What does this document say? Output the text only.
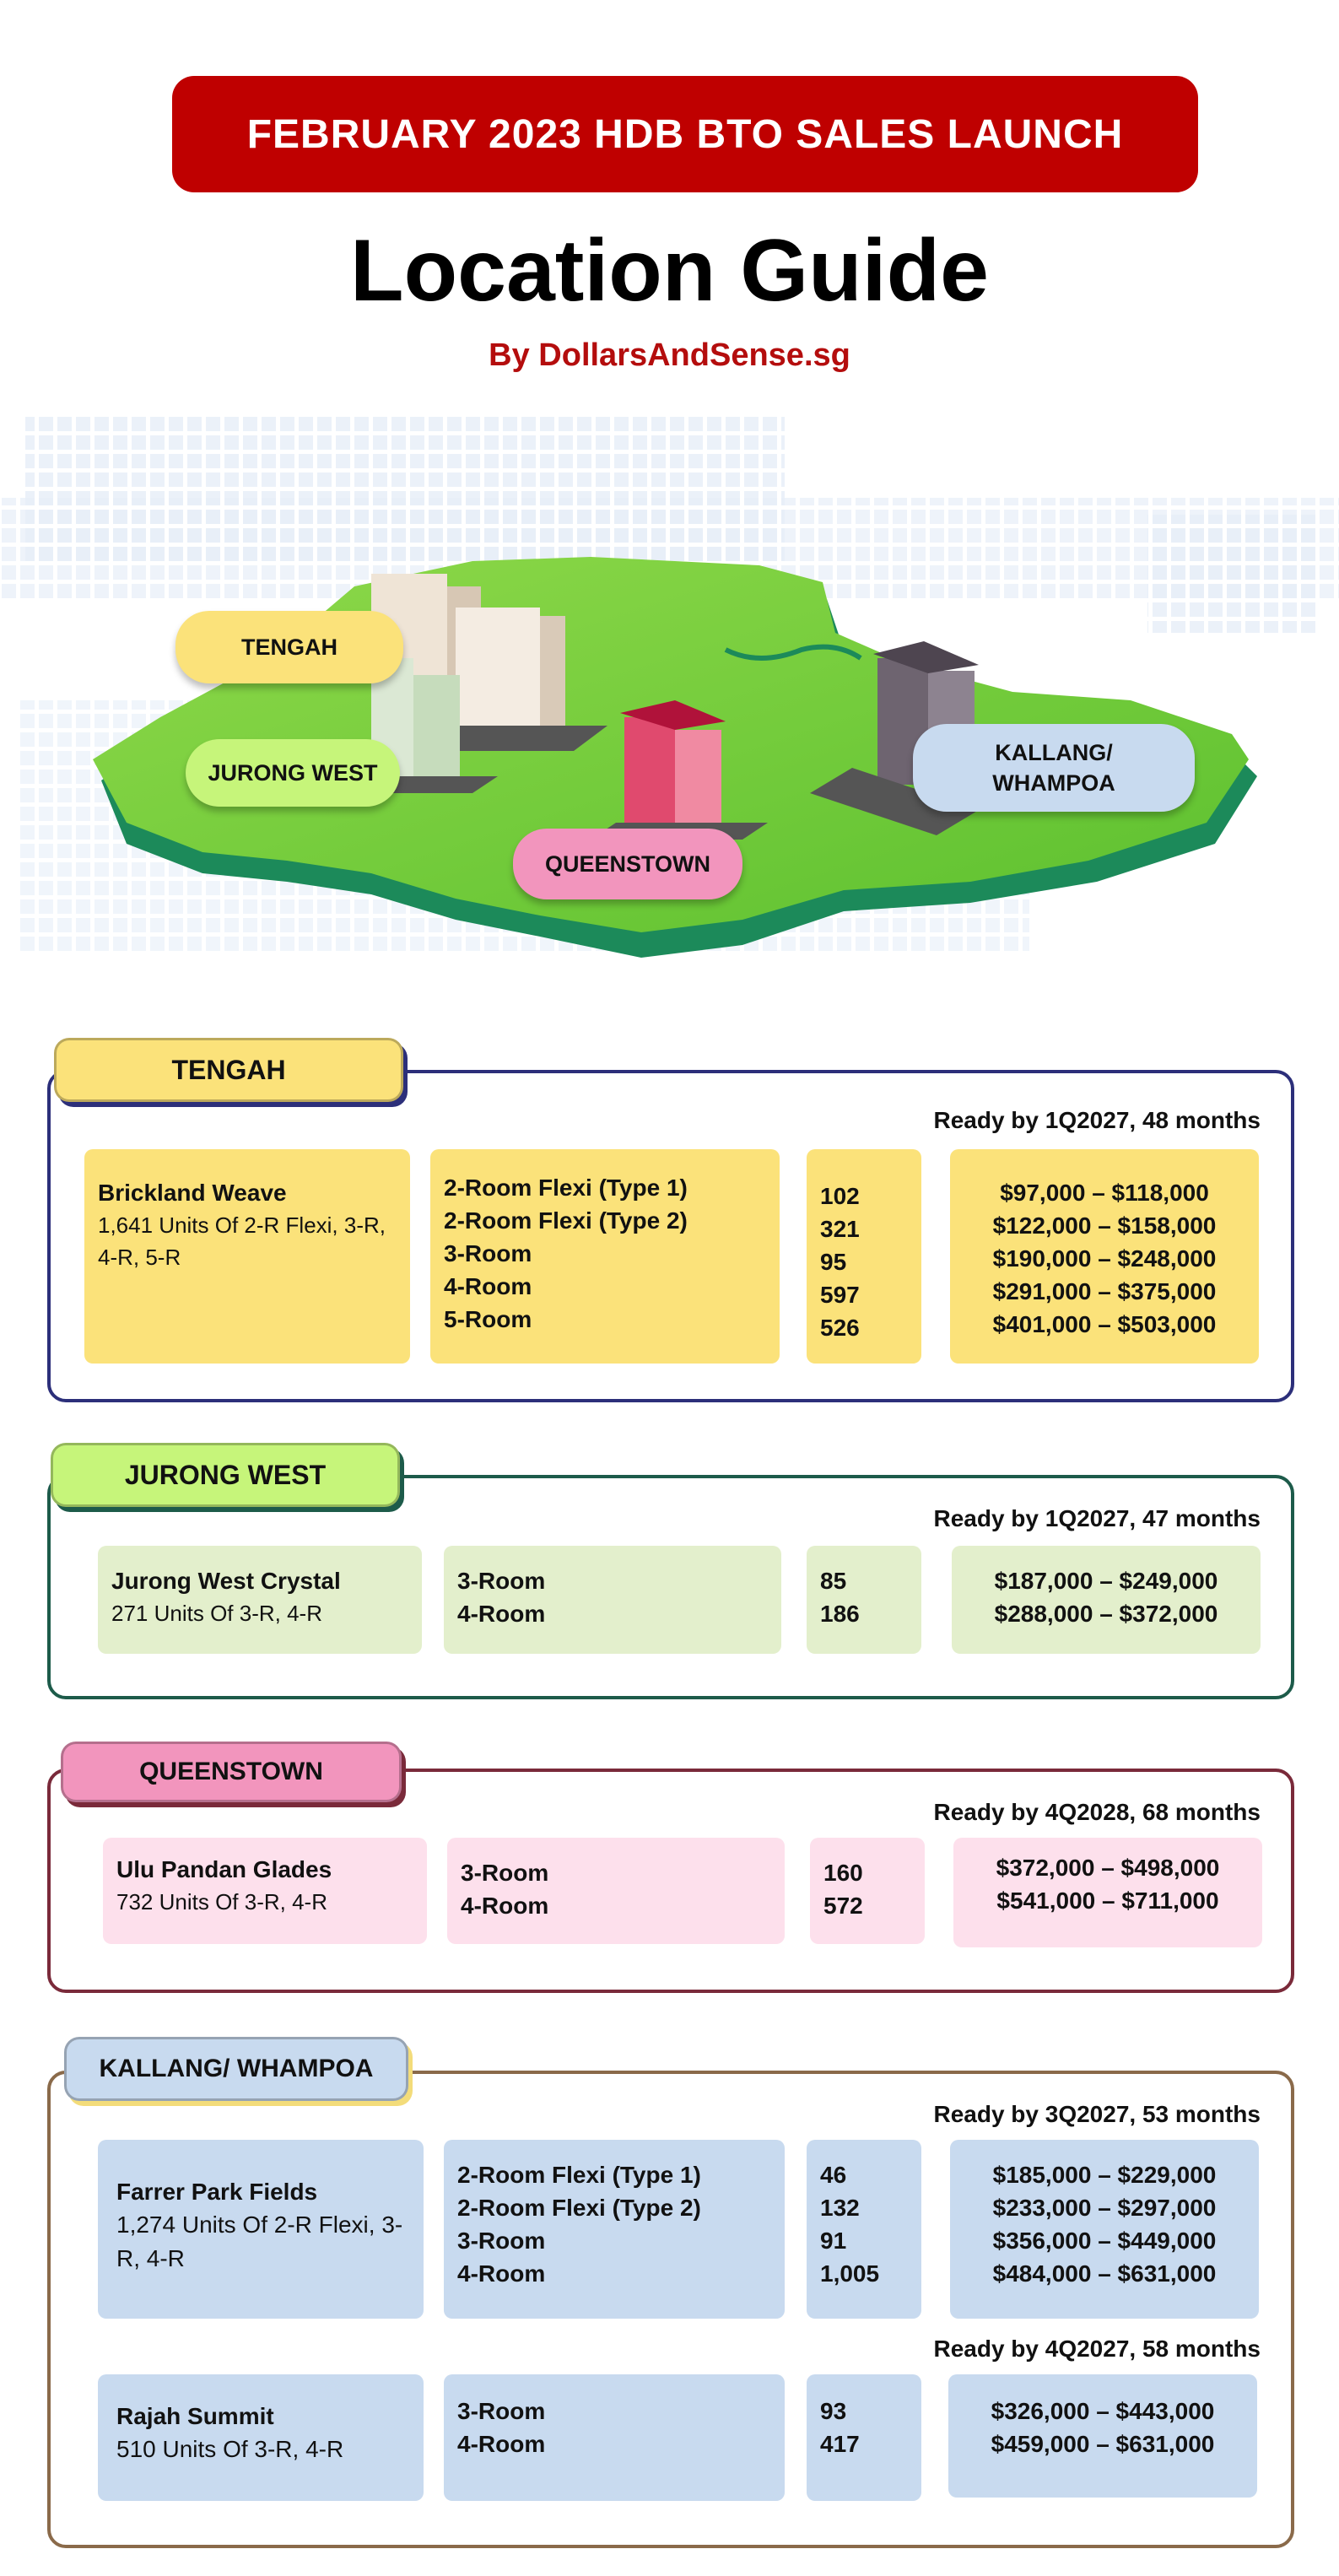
FEBRUARY 2023 HDB BTO SALES LAUNCH
Location Guide
By DollarsAndSense.sg
TENGAH
JURONG WEST
QUEENSTOWN
KALLANG/
WHAMPOA
Ready by 1Q2027, 48 months
Brickland Weave
1,641 Units Of 2-R Flexi, 3-R, 4-R, 5-R
2-Room Flexi (Type 1)
2-Room Flexi (Type 2)
3-Room
4-Room
5-Room
102
321
95
597
526
$97,000 – $118,000
$122,000 – $158,000
$190,000 – $248,000
$291,000 – $375,000
$401,000 – $503,000
TENGAH
Ready by 1Q2027, 47 months
Jurong West Crystal
271 Units Of 3-R, 4-R
3-Room
4-Room
85
186
$187,000 – $249,000
$288,000 – $372,000
JURONG WEST
Ready by 4Q2028, 68 months
Ulu Pandan Glades
732 Units Of 3-R, 4-R
3-Room
4-Room
160
572
$372,000 – $498,000
$541,000 – $711,000
QUEENSTOWN
Ready by 3Q2027, 53 months
Farrer Park Fields
1,274 Units Of 2-R Flexi, 3-R, 4-R
2-Room Flexi (Type 1)
2-Room Flexi (Type 2)
3-Room
4-Room
46
132
91
1,005
$185,000 – $229,000
$233,000 – $297,000
$356,000 – $449,000
$484,000 – $631,000
Ready by 4Q2027, 58 months
Rajah Summit
510 Units Of 3-R, 4-R
3-Room
4-Room
93
417
$326,000 – $443,000
$459,000 – $631,000
KALLANG/ WHAMPOA
